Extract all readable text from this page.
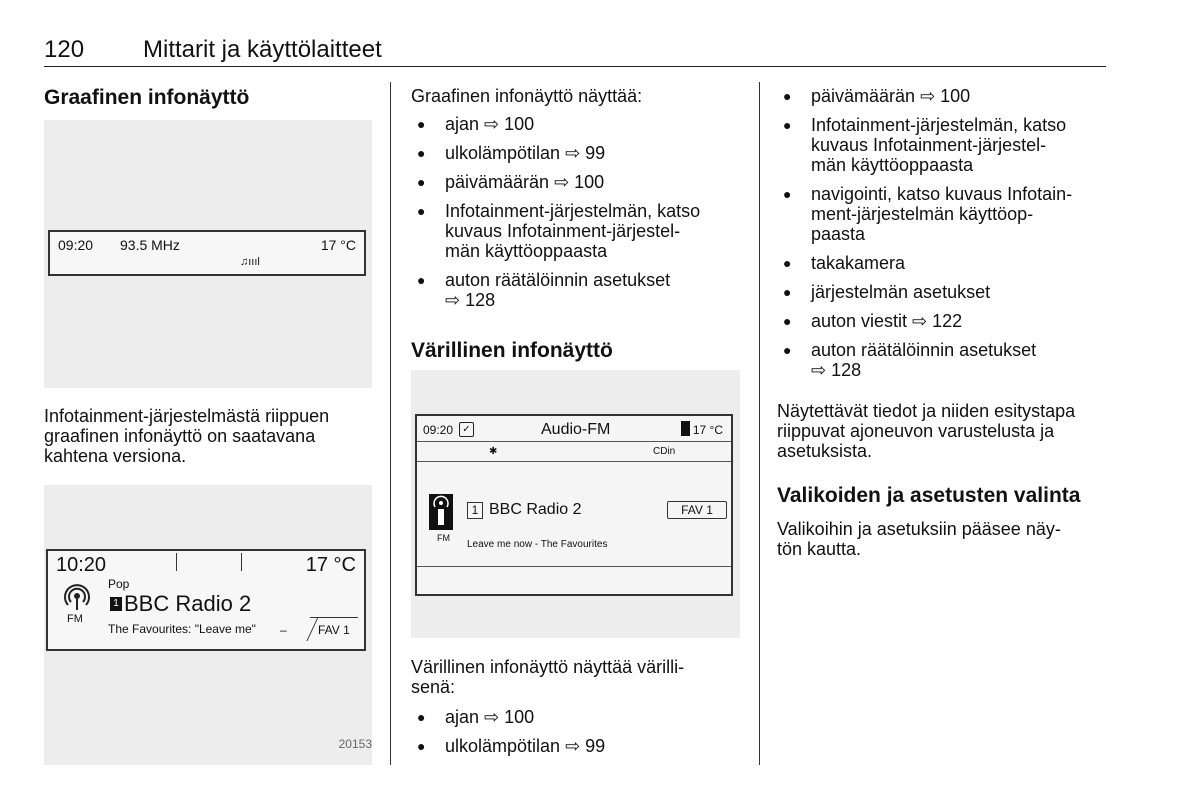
120 Mittarit ja käyttölaitteet
Graafinen infonäyttö
09:20 93.5 MHz	17 °C
♫ıııl
Infotainment-järjestelmästä riippuen
graafinen infonäyttö on saatavana
kahtena versiona.
10:20	17 °C
FM
Pop
1 BBC Radio 2
The Favourites: "Leave me" –	FAV 1
20153
Graafinen infonäyttö näyttää:
● ajan ⇨ 100
● ulkolämpötilan ⇨ 99
● päivämäärän ⇨ 100
● Infotainment-järjestelmän, katso
kuvaus Infotainment-järjestel-
män käyttöoppaasta
● auton räätälöinnin asetukset
⇨ 128
Värillinen infonäyttö
09:20 ✓	Audio-FM	17 °C
✱	CDin
FM
1 BBC Radio 2	FAV 1
Leave me now - The Favourites
Värillinen infonäyttö näyttää värilli-
senä:
● ajan ⇨ 100
● ulkolämpötilan ⇨ 99
● päivämäärän ⇨ 100
● Infotainment-järjestelmän, katso
kuvaus Infotainment-järjestel-
män käyttöoppaasta
● navigointi, katso kuvaus Infotain-
ment-järjestelmän käyttöop-
paasta
● takakamera
● järjestelmän asetukset
● auton viestit ⇨ 122
● auton räätälöinnin asetukset
⇨ 128
Näytettävät tiedot ja niiden esitystapa
riippuvat ajoneuvon varustelusta ja
asetuksista.
Valikoiden ja asetusten valinta
Valikoihin ja asetuksiin pääsee näy-
tön kautta.
